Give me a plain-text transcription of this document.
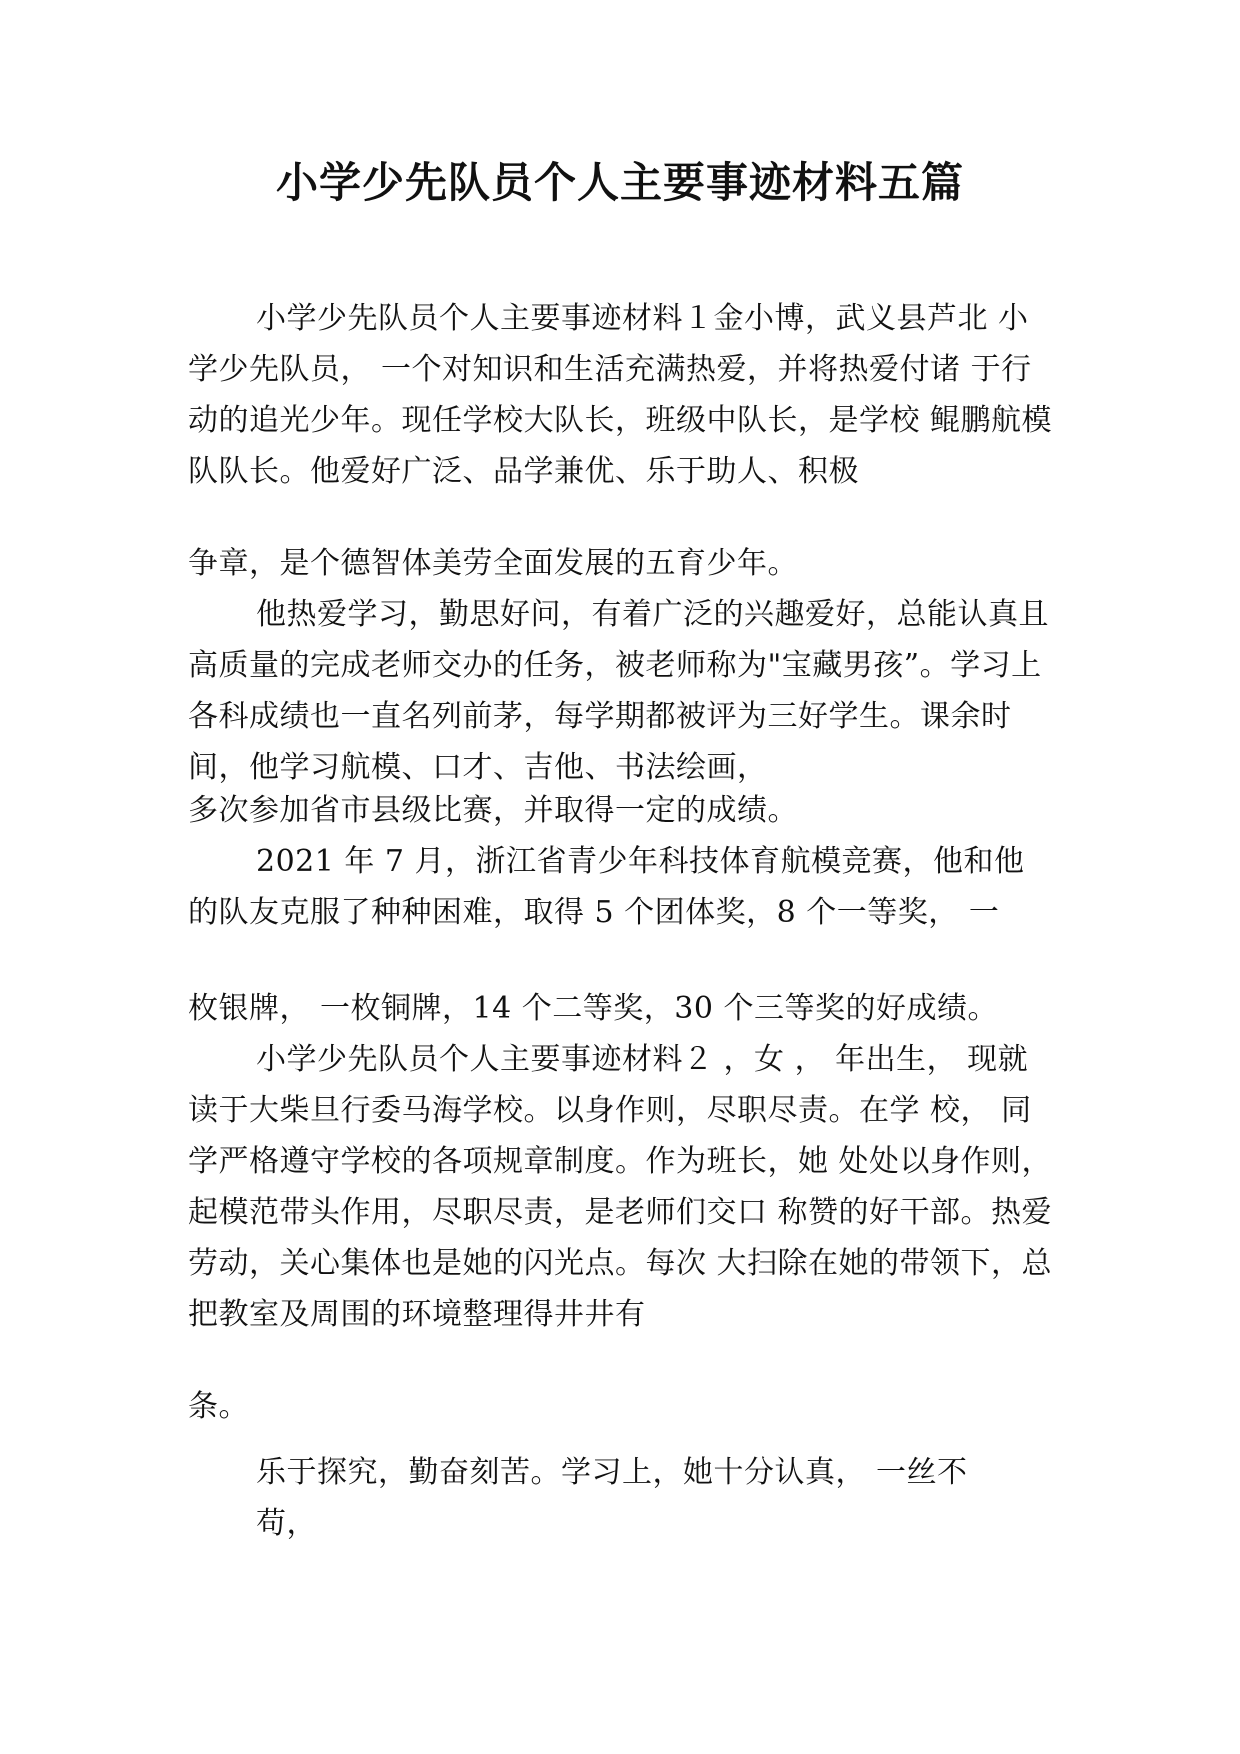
小学少先队员个人主要事迹材料五篇

小学少先队员个人主要事迹材料１金小博，武义县芦北 小学少先队员， 一个对知识和生活充满热爱，并将热爱付诸 于行动的追光少年。现任学校大队长，班级中队长，是学校 鲲鹏航模队队长。他爱好广泛、品学兼优、乐于助人、积极

争章，是个德智体美劳全面发展的五育少年。

他热爱学习，勤思好问，有着广泛的兴趣爱好，总能认真且高质量的完成老师交办的任务，被老师称为"宝藏男孩”。学习上各科成绩也一直名列前茅，每学期都被评为三好学生。课余时间，他学习航模、口才、吉他、书法绘画，

多次参加省市县级比赛，并取得一定的成绩。

2021 年 7 月，浙江省青少年科技体育航模竞赛，他和他 的队友克服了种种困难，取得 5 个团体奖，8 个一等奖， 一

枚银牌， 一枚铜牌，14 个二等奖，30 个三等奖的好成绩。

小学少先队员个人主要事迹材料２ ，女 ， 年出生， 现就读于大柴旦行委马海学校。以身作则，尽职尽责。在学 校， 同学严格遵守学校的各项规章制度。作为班长，她 处处以身作则，起模范带头作用，尽职尽责，是老师们交口 称赞的好干部。热爱劳动，关心集体也是她的闪光点。每次 大扫除在她的带领下，总把教室及周围的环境整理得井井有

条。

乐于探究，勤奋刻苦。学习上，她十分认真， 一丝不苟，
